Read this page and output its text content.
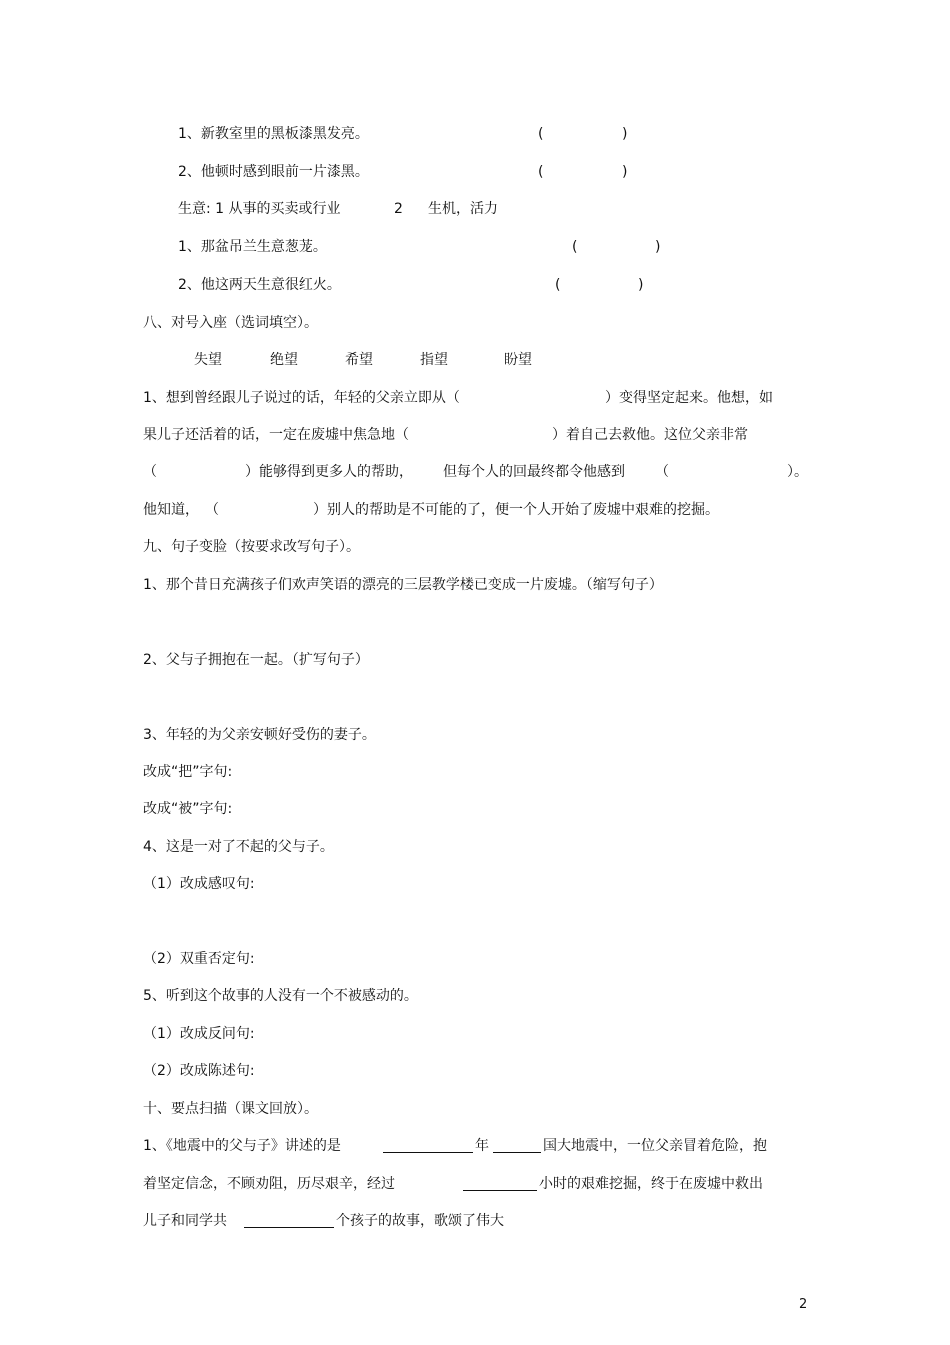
1、新教室里的黑板漆黑发亮。	(	)
2、他顿时感到眼前一片漆黑。	(	)
生意: 1 从事的买卖或行业	2 生机，活力
1、那盆吊兰生意葱茏。	(	)
2、他这两天生意很红火。	(	)
八、对号入座（选词填空）。
失望	绝望	希望	指望	盼望
1、想到曾经跟儿子说过的话，年轻的父亲立即从（	）变得坚定起来。他想，如
果儿子还活着的话，一定在废墟中焦急地（	）着自己去救他。这位父亲非常
（	）能够得到更多人的帮助， 但每个人的回最终都令他感到 （	）。
他知道， （	）别人的帮助是不可能的了，便一个人开始了废墟中艰难的挖掘。
九、句子变脸（按要求改写句子）。
1、那个昔日充满孩子们欢声笑语的漂亮的三层教学楼已变成一片废墟。（缩写句子）
2、父与子拥抱在一起。（扩写句子）
3、年轻的为父亲安顿好受伤的妻子。
改成“把”字句:
改成“被”字句:
4、这是一对了不起的父与子。
（1）改成感叹句:
（2）双重否定句:
5、听到这个故事的人没有一个不被感动的。
（1）改成反问句:
（2）改成陈述句:
十、要点扫描（课文回放）。
1、《地震中的父与子》讲述的是	年	国大地震中，一位父亲冒着危险，抱
着坚定信念，不顾劝阻，历尽艰辛，经过	小时的艰难挖掘，终于在废墟中救出
儿子和同学共	个孩子的故事，歌颂了伟大
2
